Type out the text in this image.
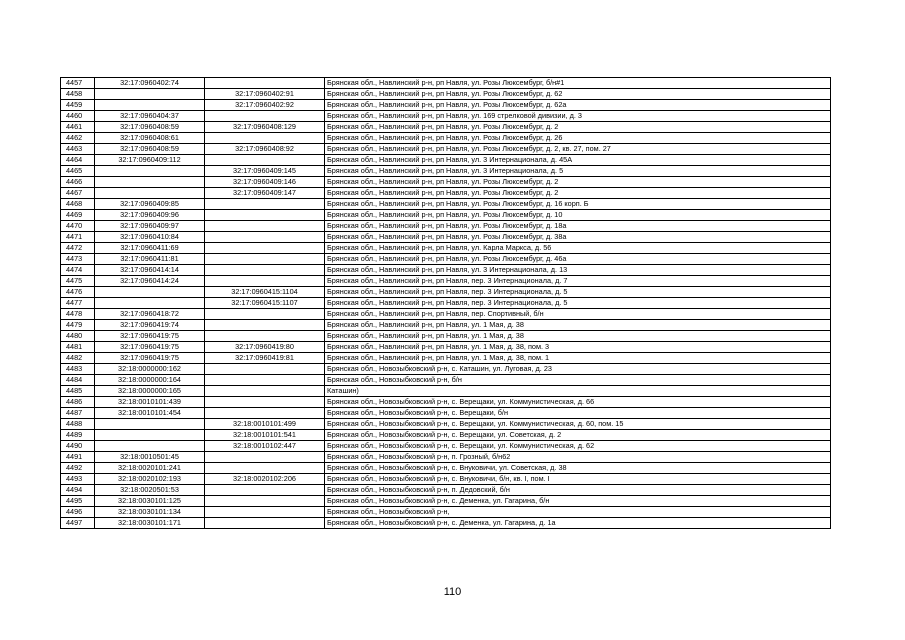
4457	32:17:0960402:74		Брянская обл., Навлинский р-н, рп Навля, ул. Розы Люксембург, б/н#1
4458		32:17:0960402:91	Брянская обл., Навлинский р-н, рп Навля, ул. Розы Люксембург, д. 62
4459		32:17:0960402:92	Брянская обл., Навлинский р-н, рп Навля, ул. Розы Люксембург, д. 62а
4460	32:17:0960404:37		Брянская обл., Навлинский р-н, рп Навля, ул. 169 стрелковой дивизии, д. 3
4461	32:17:0960408:59	32:17:0960408:129	Брянская обл., Навлинский р-н, рп Навля, ул. Розы Люксембург, д. 2
4462	32:17:0960408:61		Брянская обл., Навлинский р-н, рп Навля, ул. Розы Люксембург, д. 26
4463	32:17:0960408:59	32:17:0960408:92	Брянская обл., Навлинский р-н, рп Навля, ул. Розы Люксембург, д. 2, кв. 27, пом. 27
4464	32:17:0960409:112		Брянская обл., Навлинский р-н, рп Навля, ул. 3 Интернационала, д. 45А
4465		32:17:0960409:145	Брянская обл., Навлинский р-н, рп Навля, ул. 3 Интернационала, д. 5
4466		32:17:0960409:146	Брянская обл., Навлинский р-н, рп Навля, ул. Розы Люксембург, д. 2
4467		32:17:0960409:147	Брянская обл., Навлинский р-н, рп Навля, ул. Розы Люксембург, д. 2
4468	32:17:0960409:85		Брянская обл., Навлинский р-н, рп Навля, ул. Розы Люксембург, д. 16 корп. Б
4469	32:17:0960409:96		Брянская обл., Навлинский р-н, рп Навля, ул. Розы Люксембург, д. 10
4470	32:17:0960409:97		Брянская обл., Навлинский р-н, рп Навля, ул. Розы Люксембург, д. 18а
4471	32:17:0960410:84		Брянская обл., Навлинский р-н, рп Навля, ул. Розы Люксембург, д. 38а
4472	32:17:0960411:69		Брянская обл., Навлинский р-н, рп Навля, ул. Карла Маркса, д. 56
4473	32:17:0960411:81		Брянская обл., Навлинский р-н, рп Навля, ул. Розы Люксембург, д. 46а
4474	32:17:0960414:14		Брянская обл., Навлинский р-н, рп Навля, ул. 3 Интернационала, д. 13
4475	32:17:0960414:24		Брянская обл., Навлинский р-н, рп Навля, пер. 3 Интернационала, д. 7
4476		32:17:0960415:1104	Брянская обл., Навлинский р-н, рп Навля, пер. 3 Интернационала, д. 5
4477		32:17:0960415:1107	Брянская обл., Навлинский р-н, рп Навля, пер. 3 Интернационала, д. 5
4478	32:17:0960418:72		Брянская обл., Навлинский р-н, рп Навля, пер. Спортивный, б/н
4479	32:17:0960419:74		Брянская обл., Навлинский р-н, рп Навля, ул. 1 Мая, д. 38
4480	32:17:0960419:75		Брянская обл., Навлинский р-н, рп Навля, ул. 1 Мая, д. 38
4481	32:17:0960419:75	32:17:0960419:80	Брянская обл., Навлинский р-н, рп Навля, ул. 1 Мая, д. 38, пом. 3
4482	32:17:0960419:75	32:17:0960419:81	Брянская обл., Навлинский р-н, рп Навля, ул. 1 Мая, д. 38, пом. 1
4483	32:18:0000000:162		Брянская обл., Новозыбковский р-н, с. Каташин, ул. Луговая, д. 23
4484	32:18:0000000:164		Брянская обл., Новозыбковский р-н, б/н
4485	32:18:0000000:165		Каташин)
4486	32:18:0010101:439		Брянская обл., Новозыбковский р-н, с. Верещаки, ул. Коммунистическая, д. 66
4487	32:18:0010101:454		Брянская обл., Новозыбковский р-н, с. Верещаки, б/н
4488		32:18:0010101:499	Брянская обл., Новозыбковский р-н, с. Верещаки, ул. Коммунистическая, д. 60, пом. 15
4489		32:18:0010101:541	Брянская обл., Новозыбковский р-н, с. Верещаки, ул. Советская, д. 2
4490		32:18:0010102:447	Брянская обл., Новозыбковский р-н, с. Верещаки, ул. Коммунистическая, д. 62
4491	32:18:0010501:45		Брянская обл., Новозыбковский р-н, п. Грозный, б/н62
4492	32:18:0020101:241		Брянская обл., Новозыбковский р-н, с. Внуковичи, ул. Советская, д. 38
4493	32:18:0020102:193	32:18:0020102:206	Брянская обл., Новозыбковский р-н, с. Внуковичи, б/н, кв. I, пом. I
4494	32:18:0020501:53		Брянская обл., Новозыбковский р-н, п. Дедовский, б/н
4495	32:18:0030101:125		Брянская обл., Новозыбковский р-н, с. Деменка, ул. Гагарина, б/н
4496	32:18:0030101:134		Брянская обл., Новозыбковский р-н,
4497	32:18:0030101:171		Брянская обл., Новозыбковский р-н, с. Деменка, ул. Гагарина, д. 1а
110
